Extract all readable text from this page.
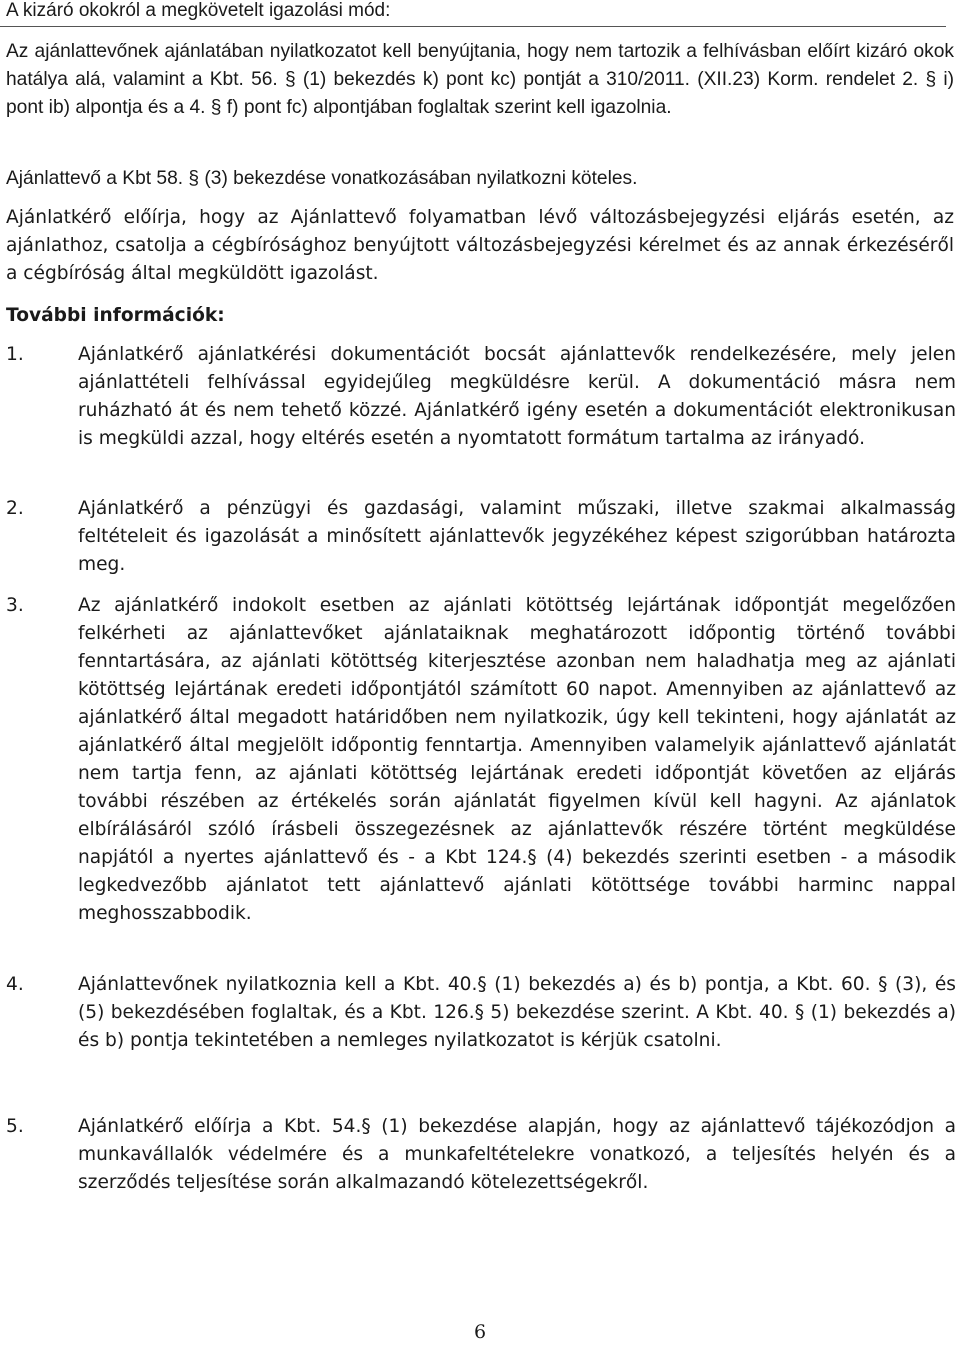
A kizáró okokról a megkövetelt igazolási mód:
Az ajánlattevőnek ajánlatában nyilatkozatot kell benyújtania, hogy nem tartozik a felhívásban előírt kizáró okok hatálya alá, valamint a Kbt. 56. § (1) bekezdés k) pont kc) pontját a 310/2011. (XII.23) Korm. rendelet 2. § i) pont ib) alpontja és a 4. § f) pont fc) alpontjában foglaltak szerint kell igazolnia.
Ajánlattevő a Kbt 58. § (3) bekezdése vonatkozásában nyilatkozni köteles.
Ajánlatkérő előírja, hogy az Ajánlattevő folyamatban lévő változásbejegyzési eljárás esetén, az ajánlathoz, csatolja a cégbírósághoz benyújtott változásbejegyzési kérelmet és az annak érkezéséről a cégbíróság által megküldött igazolást.
További információk:
1.	Ajánlatkérő ajánlatkérési dokumentációt bocsát ajánlattevők rendelkezésére, mely jelen ajánlattételi felhívással egyidejűleg megküldésre kerül. A dokumentáció másra nem ruházható át és nem tehető közzé. Ajánlatkérő igény esetén a dokumentációt elektronikusan is megküldi azzal, hogy eltérés esetén a nyomtatott formátum tartalma az irányadó.
2.	Ajánlatkérő a pénzügyi és gazdasági, valamint műszaki, illetve szakmai alkalmasság feltételeit és igazolását a minősített ajánlattevők jegyzékéhez képest szigorúbban határozta meg.
3.	Az ajánlatkérő indokolt esetben az ajánlati kötöttség lejártának időpontját megelőzően felkérheti az ajánlattevőket ajánlataiknak meghatározott időpontig történő további fenntartására, az ajánlati kötöttség kiterjesztése azonban nem haladhatja meg az ajánlati kötöttség lejártának eredeti időpontjától számított 60 napot. Amennyiben az ajánlattevő az ajánlatkérő által megadott határidőben nem nyilatkozik, úgy kell tekinteni, hogy ajánlatát az ajánlatkérő által megjelölt időpontig fenntartja. Amennyiben valamelyik ajánlattevő ajánlatát nem tartja fenn, az ajánlati kötöttség lejártának eredeti időpontját követően az eljárás további részében az értékelés során ajánlatát figyelmen kívül kell hagyni. Az ajánlatok elbírálásáról szóló írásbeli összegezésnek az ajánlattevők részére történt megküldése napjától a nyertes ajánlattevő és - a Kbt 124.§ (4) bekezdés szerinti esetben - a második legkedvezőbb ajánlatot tett ajánlattevő ajánlati kötöttsége további harminc nappal meghosszabbodik.
4.	Ajánlattevőnek nyilatkoznia kell a Kbt. 40.§ (1) bekezdés a) és b) pontja, a Kbt. 60. § (3), és (5) bekezdésében foglaltak, és a Kbt. 126.§ 5) bekezdése szerint. A Kbt. 40. § (1) bekezdés a) és b) pontja tekintetében a nemleges nyilatkozatot is kérjük csatolni.
5.	Ajánlatkérő előírja a Kbt. 54.§ (1) bekezdése alapján, hogy az ajánlattevő tájékozódjon a munkavállalók védelmére és a munkafeltételekre vonatkozó, a teljesítés helyén és a szerződés teljesítése során alkalmazandó kötelezettségekről.
6
